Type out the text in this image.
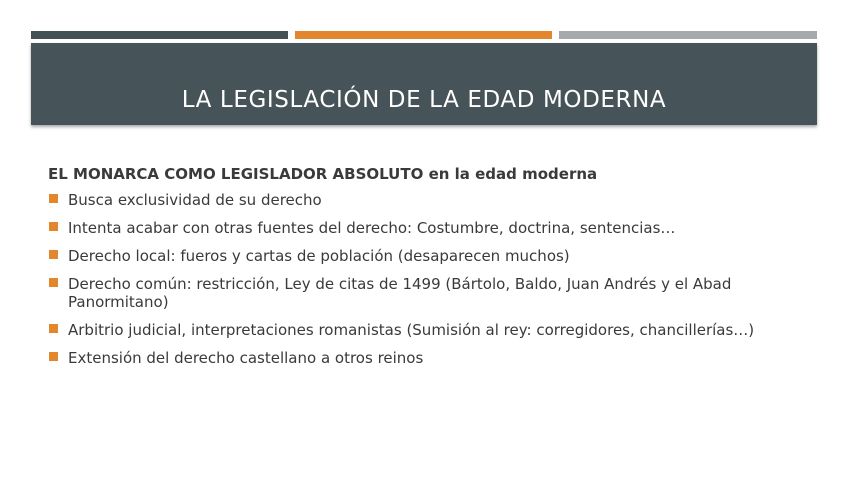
LA LEGISLACIÓN DE LA EDAD MODERNA
EL MONARCA COMO LEGISLADOR ABSOLUTO en la edad moderna
Busca exclusividad de su derecho
Intenta acabar con otras fuentes del derecho: Costumbre, doctrina, sentencias…
Derecho local: fueros y cartas de población (desaparecen muchos)
Derecho común: restricción, Ley de citas de 1499 (Bártolo, Baldo, Juan Andrés y el Abad Panormitano)
Arbitrio judicial, interpretaciones romanistas (Sumisión al rey: corregidores, chancillerías…)
Extensión del derecho castellano a otros reinos
